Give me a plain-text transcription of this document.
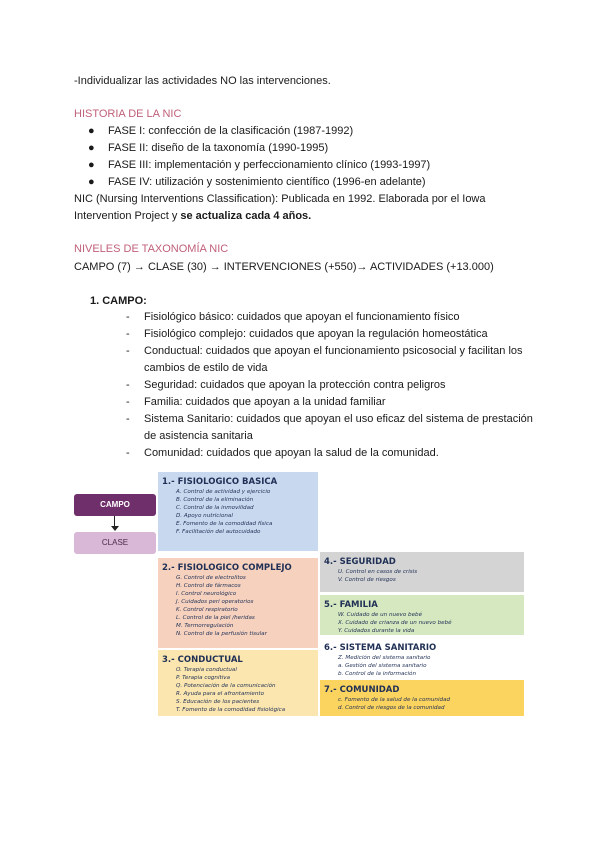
-Individualizar las actividades NO las intervenciones.
HISTORIA DE LA NIC
● FASE I: confección de la clasificación (1987-1992)
● FASE II: diseño de la taxonomía (1990-1995)
● FASE III: implementación y perfeccionamiento clínico (1993-1997)
● FASE IV: utilización y sostenimiento científico (1996-en adelante)
NIC (Nursing Interventions Classification): Publicada en 1992. Elaborada por el Iowa
Intervention Project y se actualiza cada 4 años.
NIVELES DE TAXONOMÍA NIC
CAMPO (7) → CLASE (30) → INTERVENCIONES (+550)→ ACTIVIDADES (+13.000)
1. CAMPO:
- Fisiológico básico: cuidados que apoyan el funcionamiento físico
- Fisiológico complejo: cuidados que apoyan la regulación homeostática
- Conductual: cuidados que apoyan el funcionamiento psicosocial y facilitan los cambios de estilo de vida
- Seguridad: cuidados que apoyan la protección contra peligros
- Familia: cuidados que apoyan a la unidad familiar
- Sistema Sanitario: cuidados que apoyan el uso eficaz del sistema de prestación de asistencia sanitaria
- Comunidad: cuidados que apoyan la salud de la comunidad.
CAMPO
CLASE
1.- FISIOLOGICO BASICA
A. Control de actividad y ejercicio
B. Control de la eliminación
C. Control de la inmovilidad
D. Apoyo nutricional
E. Fomento de la comodidad física
F. Facilitación del autocuidado
2.- FISIOLOGICO COMPLEJO
G. Control de electrolitos
H. Control de fármacos
I. Control neurológico
J. Cuidados peri operatorios
K. Control respiratorio
L. Control de la piel /heridas
M. Termorregulación
N. Control de la perfusión tisular
3.- CONDUCTUAL
O. Terapia conductual
P. Terapia cognitiva
Q. Potenciación de la comunicación
R. Ayuda para el afrontamiento
S. Educación de los pacientes
T. Fomento de la comodidad fisiológica
4.- SEGURIDAD
U. Control en casos de crisis
V. Control de riesgos
5.- FAMILIA
W. Cuidado de un nuevo bebé
X. Cuidado de crianza de un nuevo bebé
Y. Cuidados durante la vida
6.- SISTEMA SANITARIO
Z. Medición del sistema sanitario
a. Gestión del sistema sanitario
b. Control de la información
7.- COMUNIDAD
c. Fomento de la salud de la comunidad
d. Control de riesgos de la comunidad
